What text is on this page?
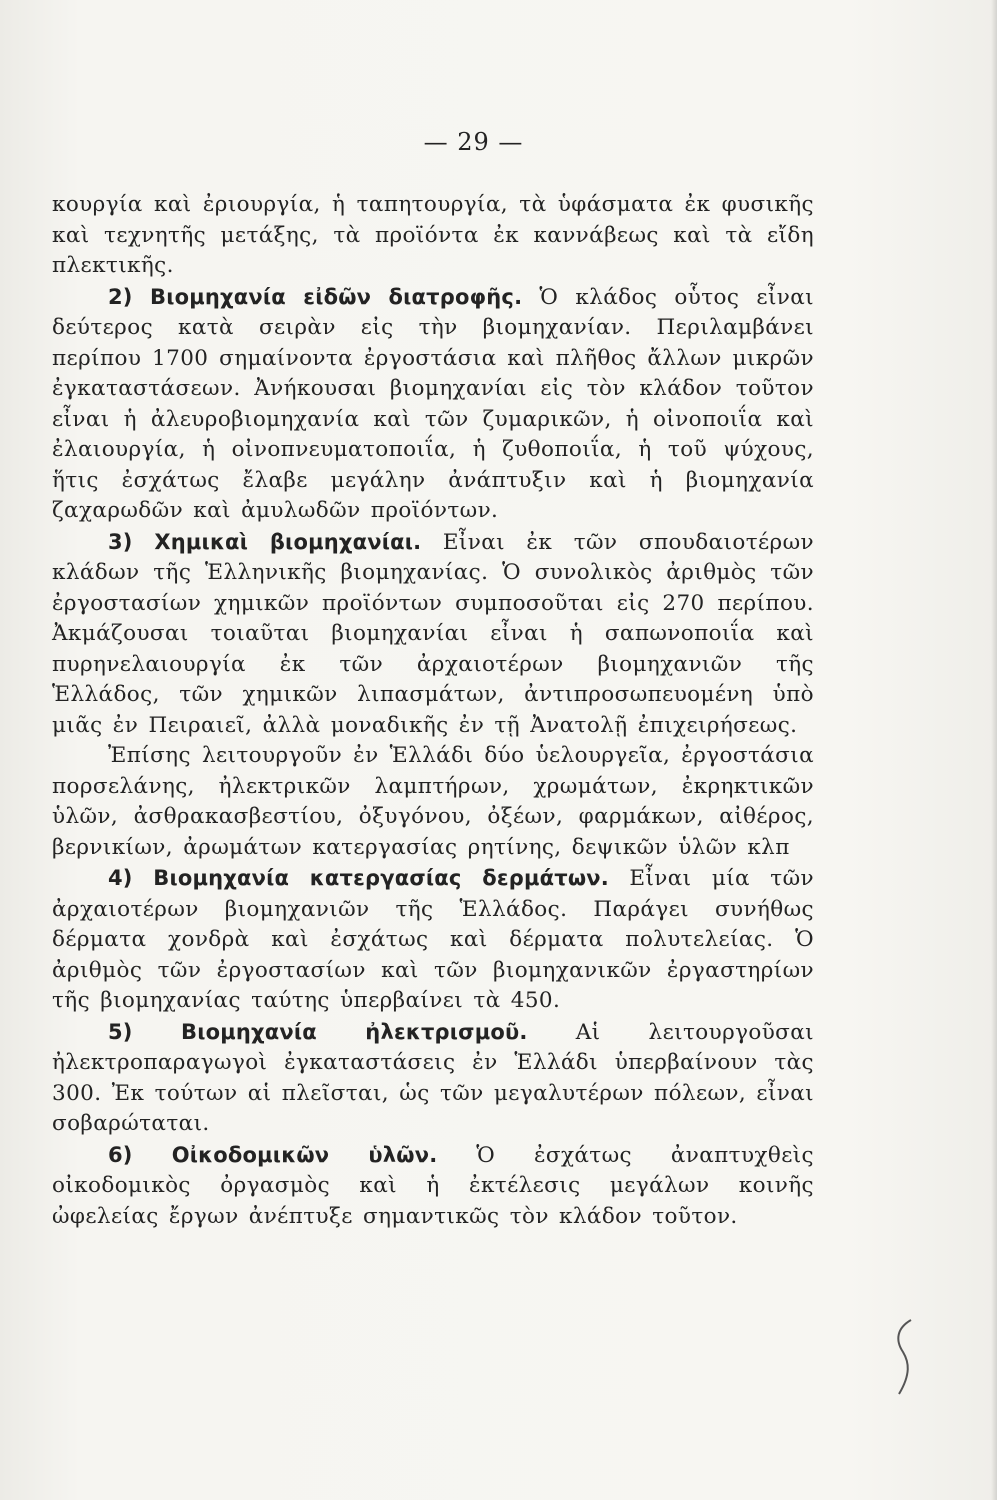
— 29 —

κουργία καὶ ἐριουργία, ἡ ταπητουργία, τὰ ὑφάσματα ἐκ φυσικῆς καὶ τεχνητῆς μετάξης, τὰ προϊόντα ἐκ καννάβεως καὶ τὰ εἴδη πλεκτικῆς.

2) Βιομηχανία εἰδῶν διατροφῆς. Ὁ κλάδος οὗτος εἶναι δεύτερος κατὰ σειρὰν εἰς τὴν βιομηχανίαν. Περιλαμβάνει περίπου 1700 σημαίνοντα ἐργοστάσια καὶ πλῆθος ἄλλων μικρῶν ἐγκαταστάσεων. Ἀνήκουσαι βιομηχανίαι εἰς τὸν κλάδον τοῦτον εἶναι ἡ ἀλευροβιομηχανία καὶ τῶν ζυμαρικῶν, ἡ οἰνοποιΐα καὶ ἐλαιουργία, ἡ οἰνοπνευματοποιΐα, ἡ ζυθοποιΐα, ἡ τοῦ ψύχους, ἥτις ἐσχάτως ἔλαβε μεγάλην ἀνάπτυξιν καὶ ἡ βιομηχανία ζαχαρωδῶν καὶ ἀμυλωδῶν προϊόντων.

3) Χημικαὶ βιομηχανίαι. Εἶναι ἐκ τῶν σπουδαιοτέρων κλάδων τῆς Ἑλληνικῆς βιομηχανίας. Ὁ συνολικὸς ἀριθμὸς τῶν ἐργοστασίων χημικῶν προϊόντων συμποσοῦται εἰς 270 περίπου. Ἀκμάζουσαι τοιαῦται βιομηχανίαι εἶναι ἡ σαπωνοποιΐα καὶ πυρηνελαιουργία ἐκ τῶν ἀρχαιοτέρων βιομηχανιῶν τῆς Ἑλλάδος, τῶν χημικῶν λιπασμάτων, ἀντιπροσωπευομένη ὑπὸ μιᾶς ἐν Πειραιεῖ, ἀλλὰ μοναδικῆς ἐν τῇ Ἀνατολῇ ἐπιχειρήσεως.

Ἐπίσης λειτουργοῦν ἐν Ἑλλάδι δύο ὑελουργεῖα, ἐργοστάσια πορσελάνης, ἠλεκτρικῶν λαμπτήρων, χρωμάτων, ἐκρηκτικῶν ὑλῶν, ἀσθρακασβεστίου, ὀξυγόνου, ὀξέων, φαρμάκων, αἰθέρος, βερνικίων, ἀρωμάτων κατεργασίας ρητίνης, δεψικῶν ὑλῶν κλπ

4) Βιομηχανία κατεργασίας δερμάτων. Εἶναι μία τῶν ἀρχαιοτέρων βιομηχανιῶν τῆς Ἑλλάδος. Παράγει συνήθως δέρματα χονδρὰ καὶ ἐσχάτως καὶ δέρματα πολυτελείας. Ὁ ἀριθμὸς τῶν ἐργοστασίων καὶ τῶν βιομηχανικῶν ἐργαστηρίων τῆς βιομηχανίας ταύτης ὑπερβαίνει τὰ 450.

5) Βιομηχανία ἠλεκτρισμοῦ. Αἱ λειτουργοῦσαι ἠλεκτροπαραγωγοὶ ἐγκαταστάσεις ἐν Ἑλλάδι ὑπερβαίνουν τὰς 300. Ἐκ τούτων αἱ πλεῖσται, ὡς τῶν μεγαλυτέρων πόλεων, εἶναι σοβαρώταται.

6) Οἰκοδομικῶν ὑλῶν. Ὁ ἐσχάτως ἀναπτυχθεὶς οἰκοδομικὸς ὀργασμὸς καὶ ἡ ἐκτέλεσις μεγάλων κοινῆς ὠφελείας ἔργων ἀνέπτυξε σημαντικῶς τὸν κλάδον τοῦτον.
